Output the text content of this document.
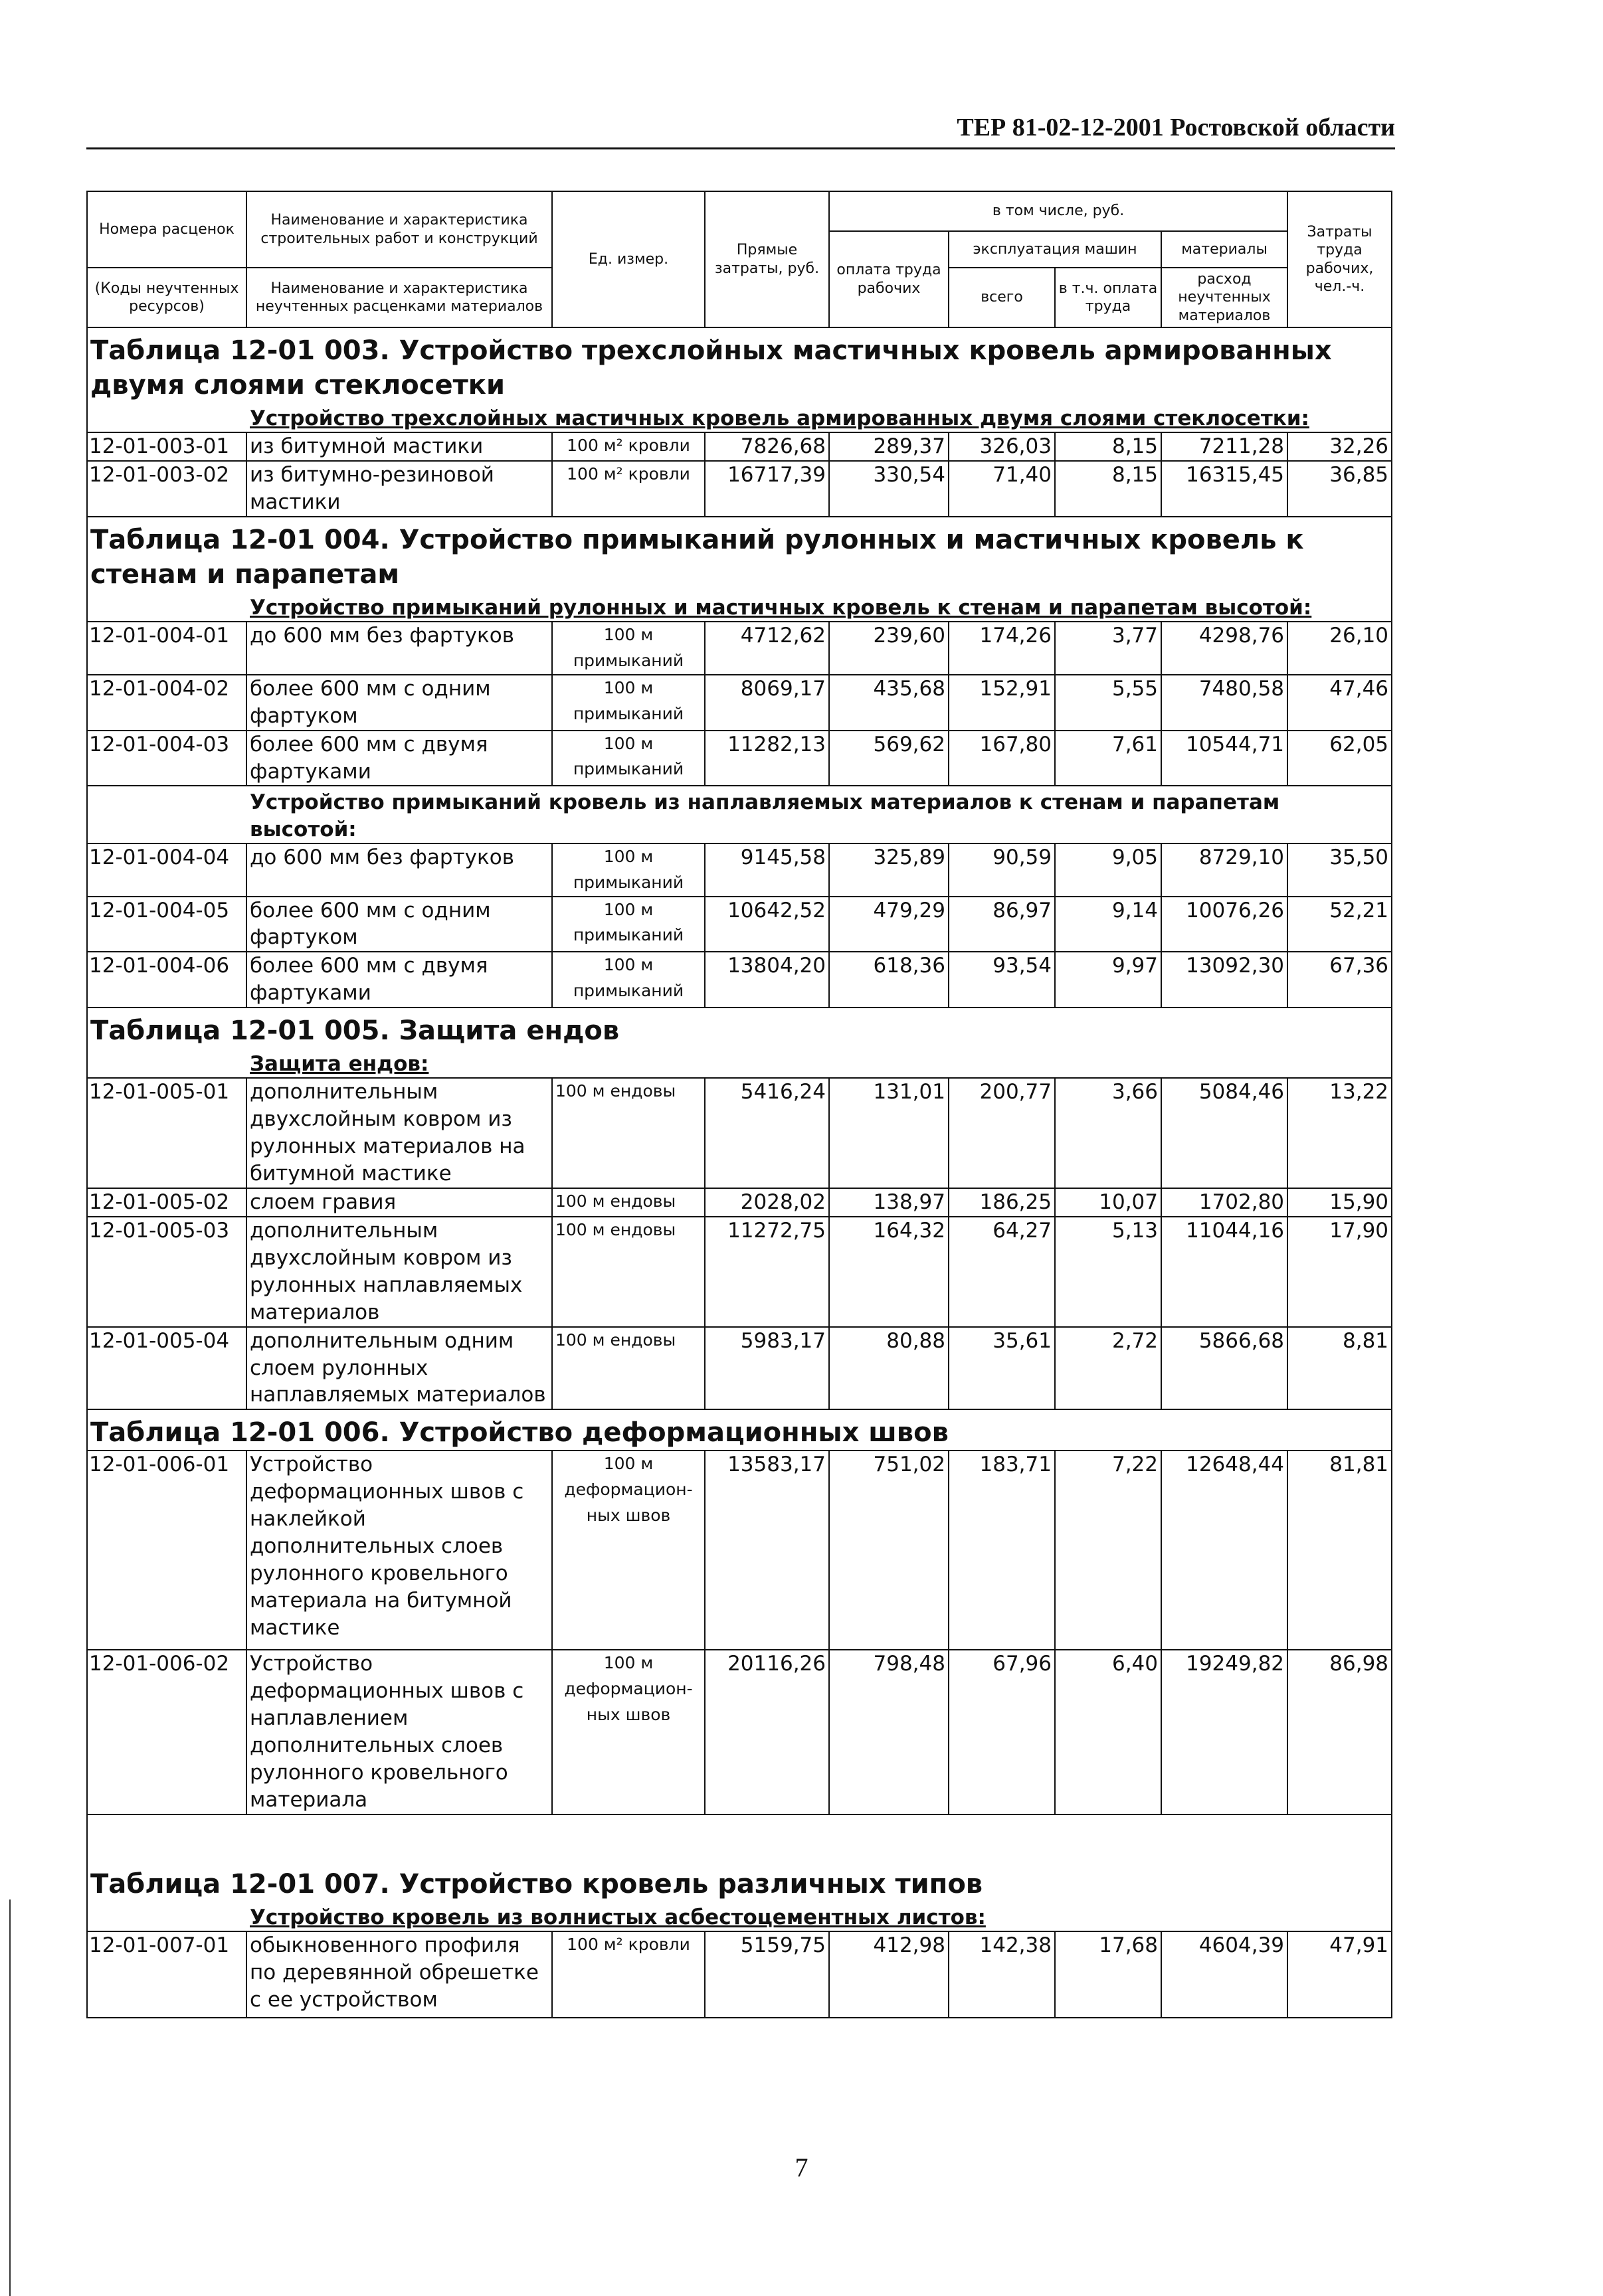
ТЕР 81-02-12-2001 Ростовской области
Номера расценок	Наименование и характеристика строительных работ и конструкций	Ед. измер.	Прямые затраты, руб.	в том числе, руб.				Затраты труда рабочих, чел.-ч.
				оплата труда рабочих	эксплуатация машин		материалы	
(Коды неучтенных ресурсов)	Наименование и характеристика неучтенных расценками материалов				всего	в т.ч. оплата труда	расход неучтенных материалов	

Таблица 12-01 003. Устройство трехслойных мастичных кровель армированных двумя слоями стеклосетки								

Устройство трехслойных мастичных кровель армированных двумя слоями стеклосетки:								

12-01-003-01	из битумной мастики	100 м² кровли	7826,68	289,37	326,03	8,15	7211,28	32,26
12-01-003-02	из битумно-резиновой мастики	100 м² кровли	16717,39	330,54	71,40	8,15	16315,45	36,85
Таблица 12-01 004. Устройство примыканий рулонных и мастичных кровель к стенам и парапетам								

Устройство примыканий рулонных и мастичных кровель к стенам и парапетам высотой:								

12-01-004-01	до 600 мм без фартуков	100 м примыканий	4712,62	239,60	174,26	3,77	4298,76	26,10
12-01-004-02	более 600 мм с одним фартуком	100 м примыканий	8069,17	435,68	152,91	5,55	7480,58	47,46
12-01-004-03	более 600 мм с двумя фартуками	100 м примыканий	11282,13	569,62	167,80	7,61	10544,71	62,05

Устройство примыканий кровель из наплавляемых материалов к стенам и парапетам высотой:								

12-01-004-04	до 600 мм без фартуков	100 м примыканий	9145,58	325,89	90,59	9,05	8729,10	35,50
12-01-004-05	более 600 мм с одним фартуком	100 м примыканий	10642,52	479,29	86,97	9,14	10076,26	52,21
12-01-004-06	более 600 мм с двумя фартуками	100 м примыканий	13804,20	618,36	93,54	9,97	13092,30	67,36
Таблица 12-01 005. Защита ендов								

Защита ендов:								

12-01-005-01	дополнительным двухслойным ковром из рулонных материалов на битумной мастике	100 м ендовы	5416,24	131,01	200,77	3,66	5084,46	13,22
12-01-005-02	слоем гравия	100 м ендовы	2028,02	138,97	186,25	10,07	1702,80	15,90
12-01-005-03	дополнительным двухслойным ковром из рулонных наплавляемых материалов	100 м ендовы	11272,75	164,32	64,27	5,13	11044,16	17,90
12-01-005-04	дополнительным одним слоем рулонных наплавляемых материалов	100 м ендовы	5983,17	80,88	35,61	2,72	5866,68	8,81
Таблица 12-01 006. Устройство деформационных швов								
12-01-006-01	Устройство деформационных швов с наклейкой дополнительных слоев рулонного кровельного материала на битумной мастике	100 м деформацион-ных швов	13583,17	751,02	183,71	7,22	12648,44	81,81
12-01-006-02	Устройство деформационных швов с наплавлением дополнительных слоев рулонного кровельного материала	100 м деформацион-ных швов	20116,26	798,48	67,96	6,40	19249,82	86,98

Таблица 12-01 007. Устройство кровель различных типов								

Устройство кровель из волнистых асбестоцементных листов:								

12-01-007-01	обыкновенного профиля по деревянной обрешетке с ее устройством	100 м² кровли	5159,75	412,98	142,38	17,68	4604,39	47,91
7
